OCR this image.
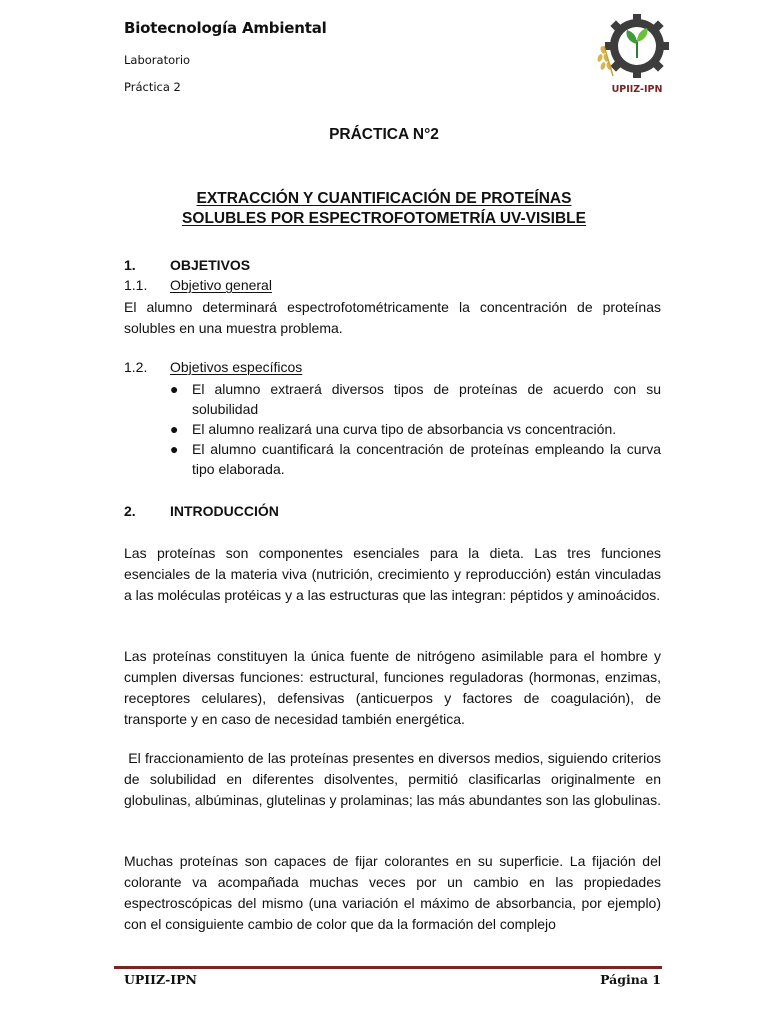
Biotecnología Ambiental
Laboratorio
Práctica 2	UPIIZ-IPN
PRÁCTICA N°2
EXTRACCIÓN Y CUANTIFICACIÓN DE PROTEÍNAS
SOLUBLES POR ESPECTROFOTOMETRÍA UV-VISIBLE
1. OBJETIVOS
1.1. Objetivo general
El alumno determinará espectrofotométricamente la concentración de proteínas solubles en una muestra problema.
1.2. Objetivos específicos
● El alumno extraerá diversos tipos de proteínas de acuerdo con su solubilidad
● El alumno realizará una curva tipo de absorbancia vs concentración.
● El alumno cuantificará la concentración de proteínas empleando la curva tipo elaborada.
2. INTRODUCCIÓN
Las proteínas son componentes esenciales para la dieta. Las tres funciones esenciales de la materia viva (nutrición, crecimiento y reproducción) están vinculadas a las moléculas protéicas y a las estructuras que las integran: péptidos y aminoácidos.
Las proteínas constituyen la única fuente de nitrógeno asimilable para el hombre y cumplen diversas funciones: estructural, funciones reguladoras (hormonas, enzimas, receptores celulares), defensivas (anticuerpos y factores de coagulación), de transporte y en caso de necesidad también energética.
El fraccionamiento de las proteínas presentes en diversos medios, siguiendo criterios de solubilidad en diferentes disolventes, permitió clasificarlas originalmente en globulinas, albúminas, glutelinas y prolaminas; las más abundantes son las globulinas.
Muchas proteínas son capaces de fijar colorantes en su superficie. La fijación del colorante va acompañada muchas veces por un cambio en las propiedades espectroscópicas del mismo (una variación el máximo de absorbancia, por ejemplo) con el consiguiente cambio de color que da la formación del complejo
UPIIZ-IPN	Página 1
